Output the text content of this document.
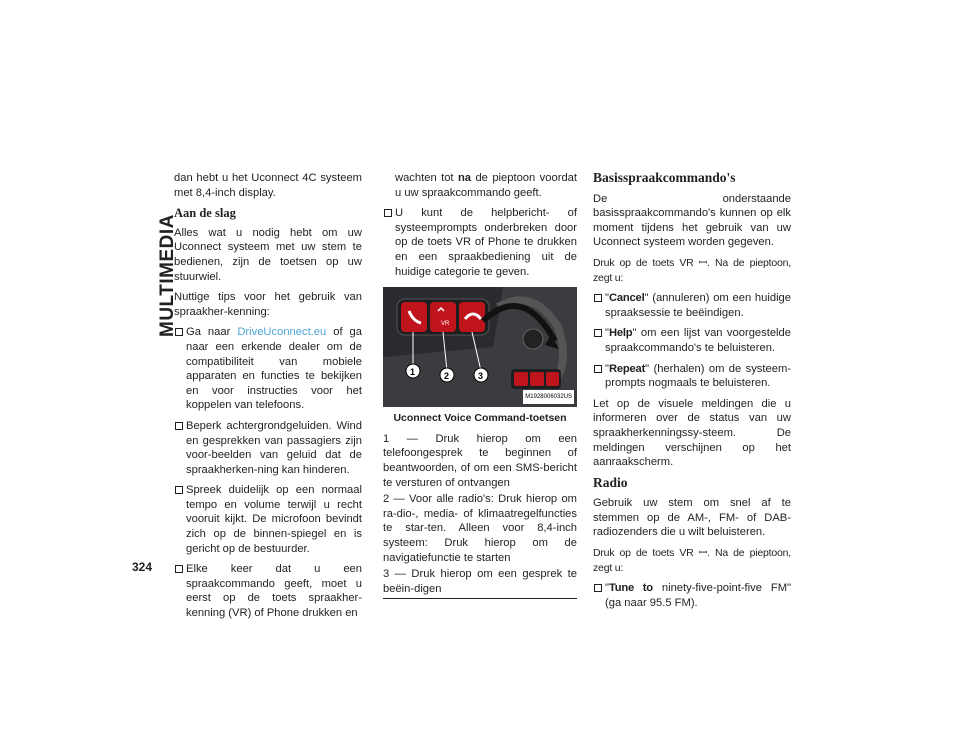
MULTIMEDIA
324

dan hebt u het Uconnect 4C systeem met 8,4-inch display.

Aan de slag

Alles wat u nodig hebt om uw Uconnect systeem met uw stem te bedienen, zijn de toetsen op uw stuurwiel.

Nuttige tips voor het gebruik van spraakher-kenning:

Ga naar DriveUconnect.eu of ga naar een erkende dealer om de compatibiliteit van mobiele apparaten en functies te bekijken en voor instructies voor het koppelen van telefoons.
Beperk achtergrondgeluiden. Wind en gesprekken van passagiers zijn voor-beelden van geluid dat de spraakherken-ning kan hinderen.
Spreek duidelijk op een normaal tempo en volume terwijl u recht vooruit kijkt. De microfoon bevindt zich op de binnen-spiegel en is gericht op de bestuurder.
Elke keer dat u een spraakcommando geeft, moet u eerst op de toets spraakher-kenning (VR) of Phone drukken en

wachten tot na de pieptoon voordat u uw spraakcommando geeft.

U kunt de helpbericht- of systeemprompts onderbreken door op de toets VR of Phone te drukken en een spraakbediening uit de huidige categorie te geven.
VR
1	2	3
M1928006032US
Uconnect Voice Command-toetsen

1 — Druk hierop om een telefoongesprek te beginnen of beantwoorden, of om een SMS-bericht te versturen of ontvangen

2 — Voor alle radio's: Druk hierop om ra-dio-, media- of klimaatregelfuncties te star-ten. Alleen voor 8,4-inch systeem: Druk hierop om de navigatiefunctie te starten

3 — Druk hierop om een gesprek te beëin-digen

Basisspraakcommando's

De onderstaande basisspraakcommando's kunnen op elk moment tijdens het gebruik van uw Uconnect systeem worden gegeven.

Druk op de toets VR ꟷ. Na de pieptoon, zegt u:
"Cancel" (annuleren) om een huidige spraaksessie te beëindigen.
"Help" om een lijst van voorgestelde spraakcommando's te beluisteren.
"Repeat" (herhalen) om de systeem-prompts nogmaals te beluisteren.

Let op de visuele meldingen die u informeren over de status van uw spraakherkenningssy-steem. De meldingen verschijnen op het aanraakscherm.

Radio

Gebruik uw stem om snel af te stemmen op de AM-, FM- of DAB-radiozenders die u wilt beluisteren.

Druk op de toets VR ꟷ. Na de pieptoon, zegt u:
"Tune to ninety-five-point-five FM" (ga naar 95.5 FM).
